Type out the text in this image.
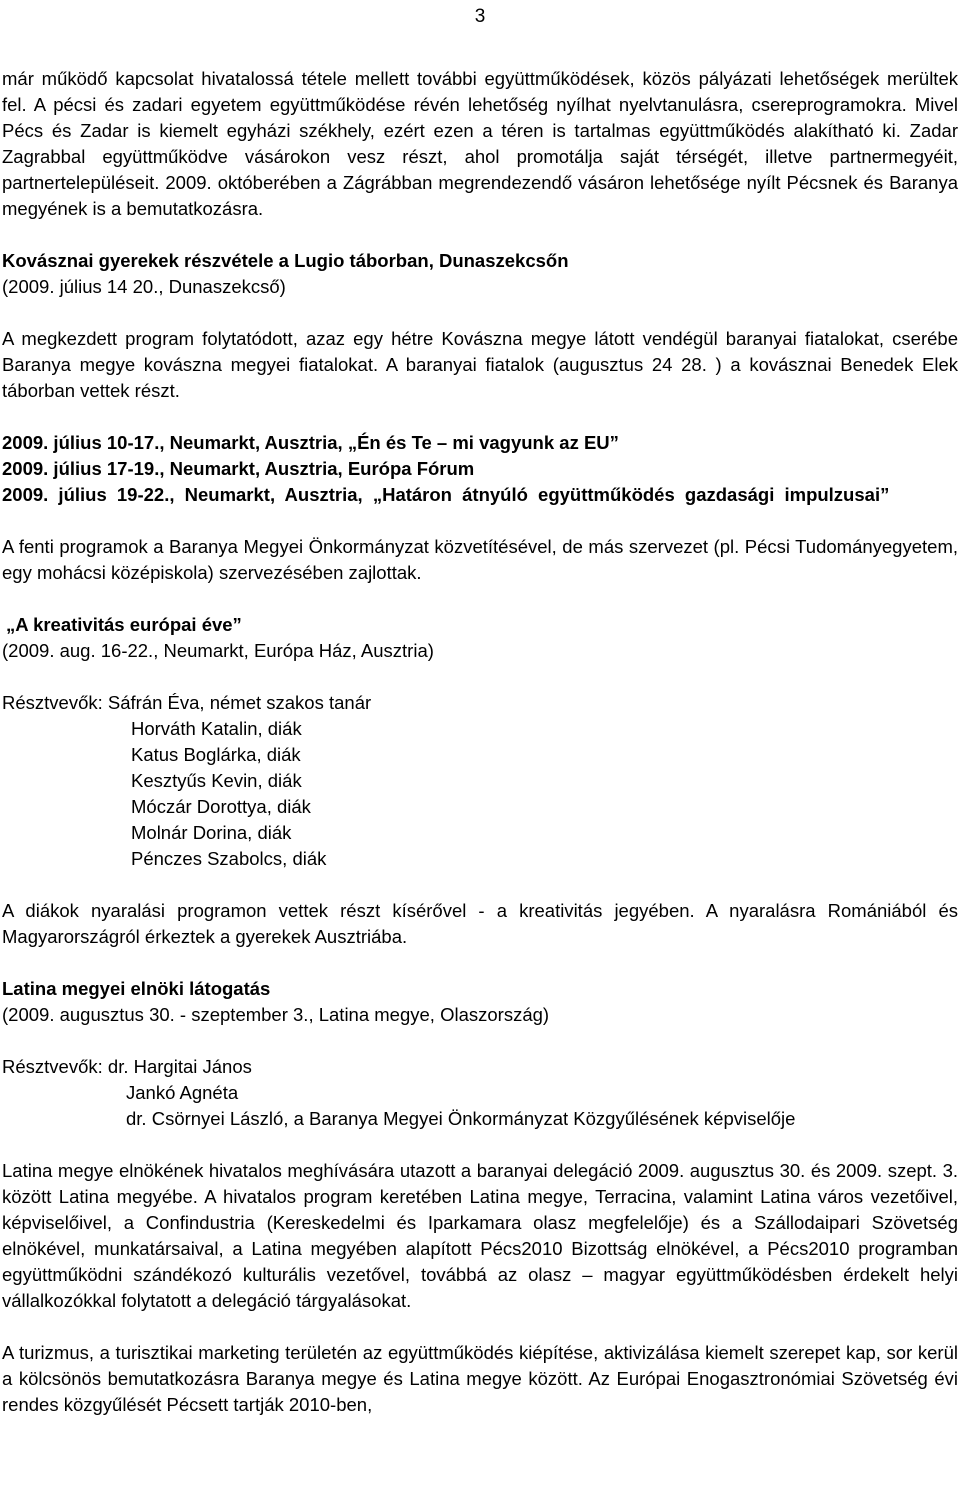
3

már működő kapcsolat hivatalossá tétele mellett további együttműködések, közös pályázati lehetőségek merültek fel. A pécsi és zadari egyetem együttműködése révén lehetőség nyílhat nyelvtanulásra, csereprogramokra. Mivel Pécs és Zadar is kiemelt egyházi székhely, ezért ezen a téren is tartalmas együttműködés alakítható ki. Zadar Zagrabbal együttműködve vásárokon vesz részt, ahol promotálja saját térségét, illetve partnermegyéit, partnertelepüléseit. 2009. októberében a Zágrábban megrendezendő vásáron lehetősége nyílt Pécsnek és Baranya megyének is a bemutatkozásra.

Kovásznai gyerekek részvétele a Lugio táborban, Dunaszekcsőn

(2009. július 14 20., Dunaszekcső)

A megkezdett program folytatódott, azaz egy hétre Kovászna megye látott vendégül baranyai fiatalokat, cserébe Baranya megye kovászna megyei fiatalokat. A baranyai fiatalok (augusztus 24 28. ) a kovásznai Benedek Elek táborban vettek részt.

2009. július 10-17., Neumarkt, Ausztria, „Én és Te – mi vagyunk az EU”

2009. július 17-19., Neumarkt, Ausztria, Európa Fórum

2009. július 19-22., Neumarkt, Ausztria, „Határon átnyúló együttműködés gazdasági impulzusai”

A fenti programok a Baranya Megyei Önkormányzat közvetítésével, de más szervezet (pl. Pécsi Tudományegyetem, egy mohácsi középiskola) szervezésében zajlottak.

„A kreativitás európai éve”

(2009. aug. 16-22., Neumarkt, Európa Ház, Ausztria)

Résztvevők: Sáfrán Éva, német szakos tanár

Horváth Katalin, diák

Katus Boglárka, diák

Kesztyűs Kevin, diák

Móczár Dorottya, diák

Molnár Dorina, diák

Pénczes Szabolcs, diák

A diákok nyaralási programon vettek részt kísérővel - a kreativitás jegyében. A nyaralásra Romániából és Magyarországról érkeztek a gyerekek Ausztriába.

Latina megyei elnöki látogatás

(2009. augusztus 30. - szeptember 3., Latina megye, Olaszország)

Résztvevők: dr. Hargitai János

Jankó Agnéta

dr. Csörnyei László, a Baranya Megyei Önkormányzat Közgyűlésének képviselője

Latina megye elnökének hivatalos meghívására utazott a baranyai delegáció 2009. augusztus 30. és 2009. szept. 3. között Latina megyébe. A hivatalos program keretében Latina megye, Terracina, valamint Latina város vezetőivel, képviselőivel, a Confindustria (Kereskedelmi és Iparkamara olasz megfelelője) és a Szállodaipari Szövetség elnökével, munkatársaival, a Latina megyében alapított Pécs2010 Bizottság elnökével, a Pécs2010 programban együttműködni szándékozó kulturális vezetővel, továbbá az olasz – magyar együttműködésben érdekelt helyi vállalkozókkal folytatott a delegáció tárgyalásokat.

A turizmus, a turisztikai marketing területén az együttműködés kiépítése, aktivizálása kiemelt szerepet kap, sor kerül a kölcsönös bemutatkozásra Baranya megye és Latina megye között. Az Európai Enogasztronómiai Szövetség évi rendes közgyűlését Pécsett tartják 2010-ben,
